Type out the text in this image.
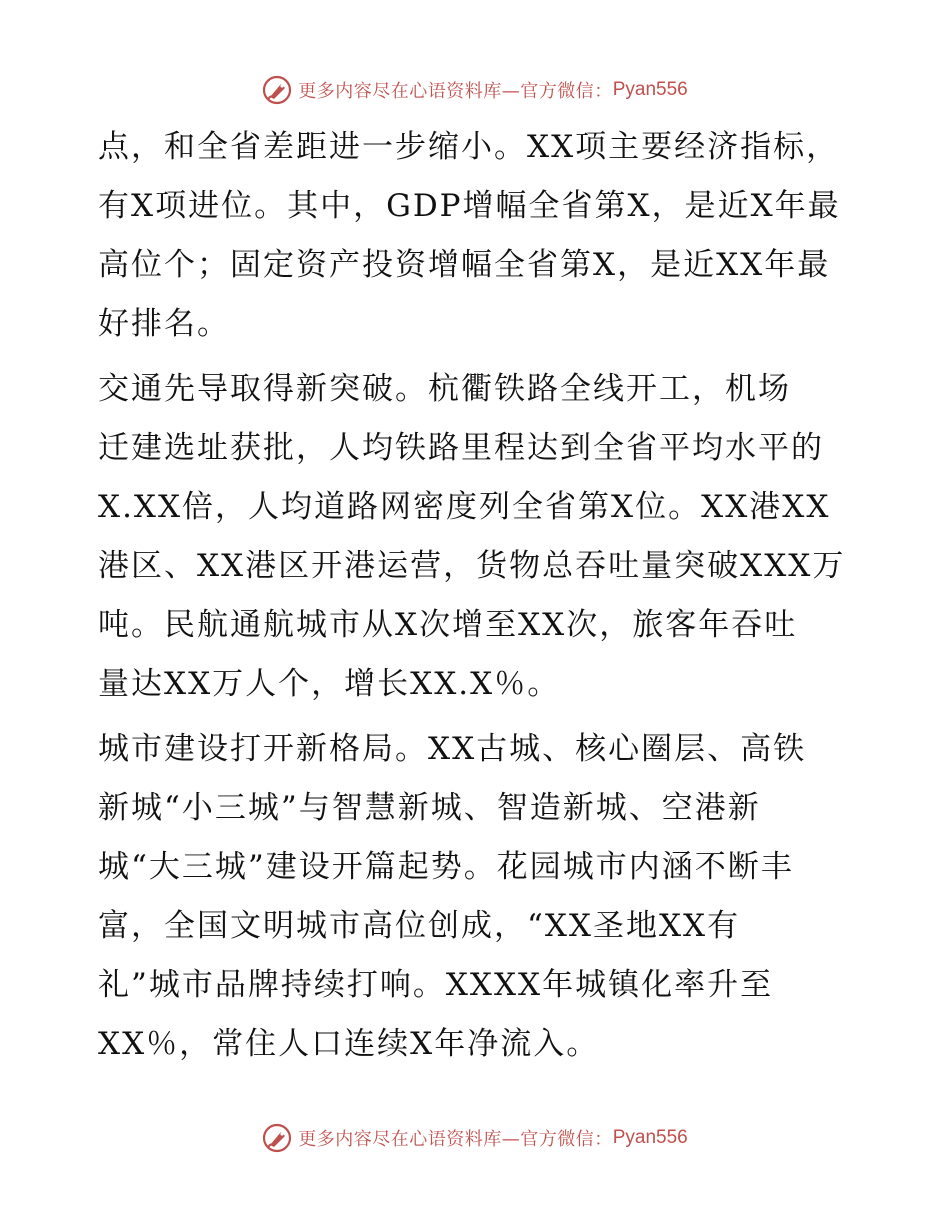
更多内容尽在心语资料库—官方微信： Pyan556
点，和全省差距进一步缩小。XX项主要经济指标，
有X项进位。其中，GDP增幅全省第X，是近X年最
高位个；固定资产投资增幅全省第X，是近XX年最
好排名。
交通先导取得新突破。杭衢铁路全线开工，机场
迁建选址获批，人均铁路里程达到全省平均水平的
X.XX倍，人均道路网密度列全省第X位。XX港XX
港区、XX港区开港运营，货物总吞吐量突破XXX万
吨。民航通航城市从X次增至XX次，旅客年吞吐
量达XX万人个，增长XX.X％。
城市建设打开新格局。XX古城、核心圈层、高铁
新城“小三城”与智慧新城、智造新城、空港新
城“大三城”建设开篇起势。花园城市内涵不断丰
富，全国文明城市高位创成，“XX圣地XX有
礼”城市品牌持续打响。XXXX年城镇化率升至
XX％，常住人口连续X年净流入。
更多内容尽在心语资料库—官方微信： Pyan556
